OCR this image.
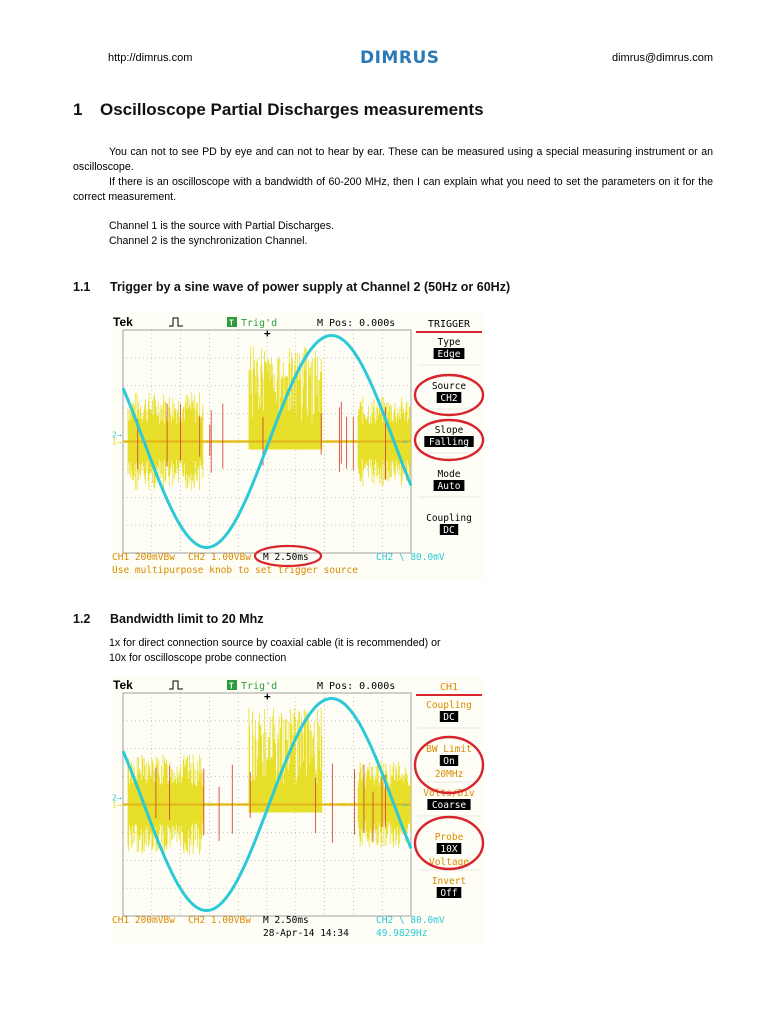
http://dimrus.com	DIMRUS	dimrus@dimrus.com
1 Oscilloscope Partial Discharges measurements
You can not to see PD by eye and can not to hear by ear. These can be measured using a special measuring instrument or an oscilloscope.
If there is an oscilloscope with a bandwidth of 60-200 MHz, then I can explain what you need to set the parameters on it for the correct measurement.
Channel 1 is the source with Partial Discharges.
Channel 2 is the synchronization Channel.
1.1 Trigger by a sine wave of power supply at Channel 2 (50Hz or 60Hz)
Tek	T Trig'd	M Pos: 0.000s
+
1→
2→
←
TRIGGER
Type
Edge
Source
CH2
Slope
Falling
Mode
Auto
Coupling
DC
CH1 200mVBw CH2 1.00VBw M 2.50ms	CH2 \ 80.0mV
Use multipurpose knob to set trigger source
1.2 Bandwidth limit to 20 Mhz
1x for direct connection source by coaxial cable (it is recommended) or
10x for oscilloscope probe connection
Tek	T Trig'd	M Pos: 0.000s
+
1→
2→
←
CH1
Coupling
DC
BW Limit
On
20MHz
Volts/Div
Coarse
Probe
10X
Voltage
Invert
Off
CH1 200mVBw CH2 1.00VBw M 2.50ms	CH2 \ 80.0mV
28-Apr-14 14:34	49.9829Hz
